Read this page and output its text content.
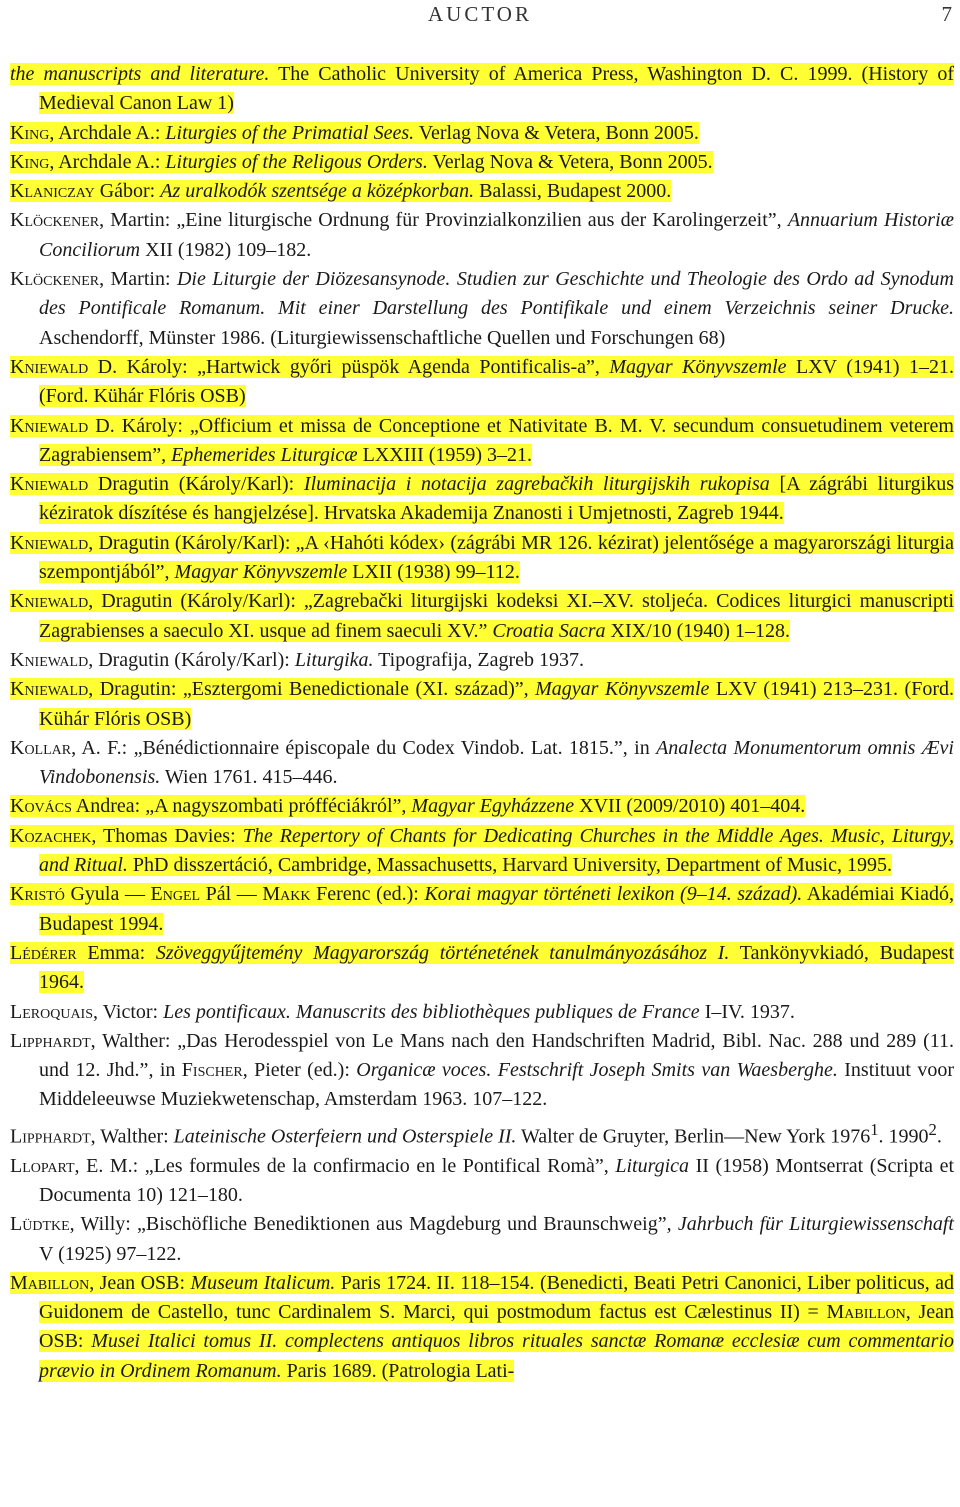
AUCTOR	7
the manuscripts and literature. The Catholic University of America Press, Washington D. C. 1999. (History of Medieval Canon Law 1)
King, Archdale A.: Liturgies of the Primatial Sees. Verlag Nova & Vetera, Bonn 2005.
King, Archdale A.: Liturgies of the Religous Orders. Verlag Nova & Vetera, Bonn 2005.
Klaniczay Gábor: Az uralkodók szentsége a középkorban. Balassi, Budapest 2000.
Klöckener, Martin: „Eine liturgische Ordnung für Provinzialkonzilien aus der Karolingerzeit”, Annuarium Historiæ Conciliorum XII (1982) 109–182.
Klöckener, Martin: Die Liturgie der Diözesansynode. Studien zur Geschichte und Theologie des Ordo ad Synodum des Pontificale Romanum. Mit einer Darstellung des Pontifikale und einem Verzeichnis seiner Drucke. Aschendorff, Münster 1986. (Liturgiewissenschaftliche Quellen und Forschungen 68)
Kniewald D. Károly: „Hartwick győri püspök Agenda Pontificalis-a”, Magyar Könyvszemle LXV (1941) 1–21. (Ford. Kühár Flóris OSB)
Kniewald D. Károly: „Officium et missa de Conceptione et Nativitate B. M. V. secundum consuetudinem veterem Zagrabiensem”, Ephemerides Liturgicæ LXXIII (1959) 3–21.
Kniewald Dragutin (Károly/Karl): Iluminacija i notacija zagrebačkih liturgijskih rukopisa [A zágrábi liturgikus kéziratok díszítése és hangjelzése]. Hrvatska Akademija Znanosti i Umjetnosti, Zagreb 1944.
Kniewald, Dragutin (Károly/Karl): „A ‹Hahóti kódex› (zágrábi MR 126. kézirat) jelentősége a magyarországi liturgia szempontjából”, Magyar Könyvszemle LXII (1938) 99–112.
Kniewald, Dragutin (Károly/Karl): „Zagrebački liturgijski kodeksi XI.–XV. stoljeća. Codices liturgici manuscripti Zagrabienses a saeculo XI. usque ad finem saeculi XV.” Croatia Sacra XIX/10 (1940) 1–128.
Kniewald, Dragutin (Károly/Karl): Liturgika. Tipografija, Zagreb 1937.
Kniewald, Dragutin: „Esztergomi Benedictionale (XI. század)”, Magyar Könyvszemle LXV (1941) 213–231. (Ford. Kühár Flóris OSB)
Kollar, A. F.: „Bénédictionnaire épiscopale du Codex Vindob. Lat. 1815.”, in Analecta Monumentorum omnis Ævi Vindobonensis. Wien 1761. 415–446.
Kovács Andrea: „A nagyszombati prófféciákról”, Magyar Egyházzene XVII (2009/2010) 401–404.
Kozachek, Thomas Davies: The Repertory of Chants for Dedicating Churches in the Middle Ages. Music, Liturgy, and Ritual. PhD disszertáció, Cambridge, Massachusetts, Harvard University, Department of Music, 1995.
Kristó Gyula — Engel Pál — Makk Ferenc (ed.): Korai magyar történeti lexikon (9–14. század). Akadémiai Kiadó, Budapest 1994.
Lédérer Emma: Szöveggyűjtemény Magyarország történetének tanulmányozásához I. Tankönyvkiadó, Budapest 1964.
Leroquais, Victor: Les pontificaux. Manuscrits des bibliothèques publiques de France I–IV. 1937.
Lipphardt, Walther: „Das Herodesspiel von Le Mans nach den Handschriften Madrid, Bibl. Nac. 288 und 289 (11. und 12. Jhd.”, in Fischer, Pieter (ed.): Organicæ voces. Festschrift Joseph Smits van Waesberghe. Instituut voor Middeleeuwse Muziekwetenschap, Amsterdam 1963. 107–122.
Lipphardt, Walther: Lateinische Osterfeiern und Osterspiele II. Walter de Gruyter, Berlin—New York 1976$^1$. 1990$^2$.
Llopart, E. M.: „Les formules de la confirmacio en le Pontifical Romà”, Liturgica II (1958) Montserrat (Scripta et Documenta 10) 121–180.
Lüdtke, Willy: „Bischöfliche Benediktionen aus Magdeburg und Braunschweig”, Jahrbuch für Liturgiewissenschaft V (1925) 97–122.
Mabillon, Jean OSB: Museum Italicum. Paris 1724. II. 118–154. (Benedicti, Beati Petri Canonici, Liber politicus, ad Guidonem de Castello, tunc Cardinalem S. Marci, qui postmodum factus est Cælestinus II) = Mabillon, Jean OSB: Musei Italici tomus II. complectens antiquos libros rituales sanctæ Romanæ ecclesiæ cum commentario prævio in Ordinem Romanum. Paris 1689. (Patrologia Lati-
